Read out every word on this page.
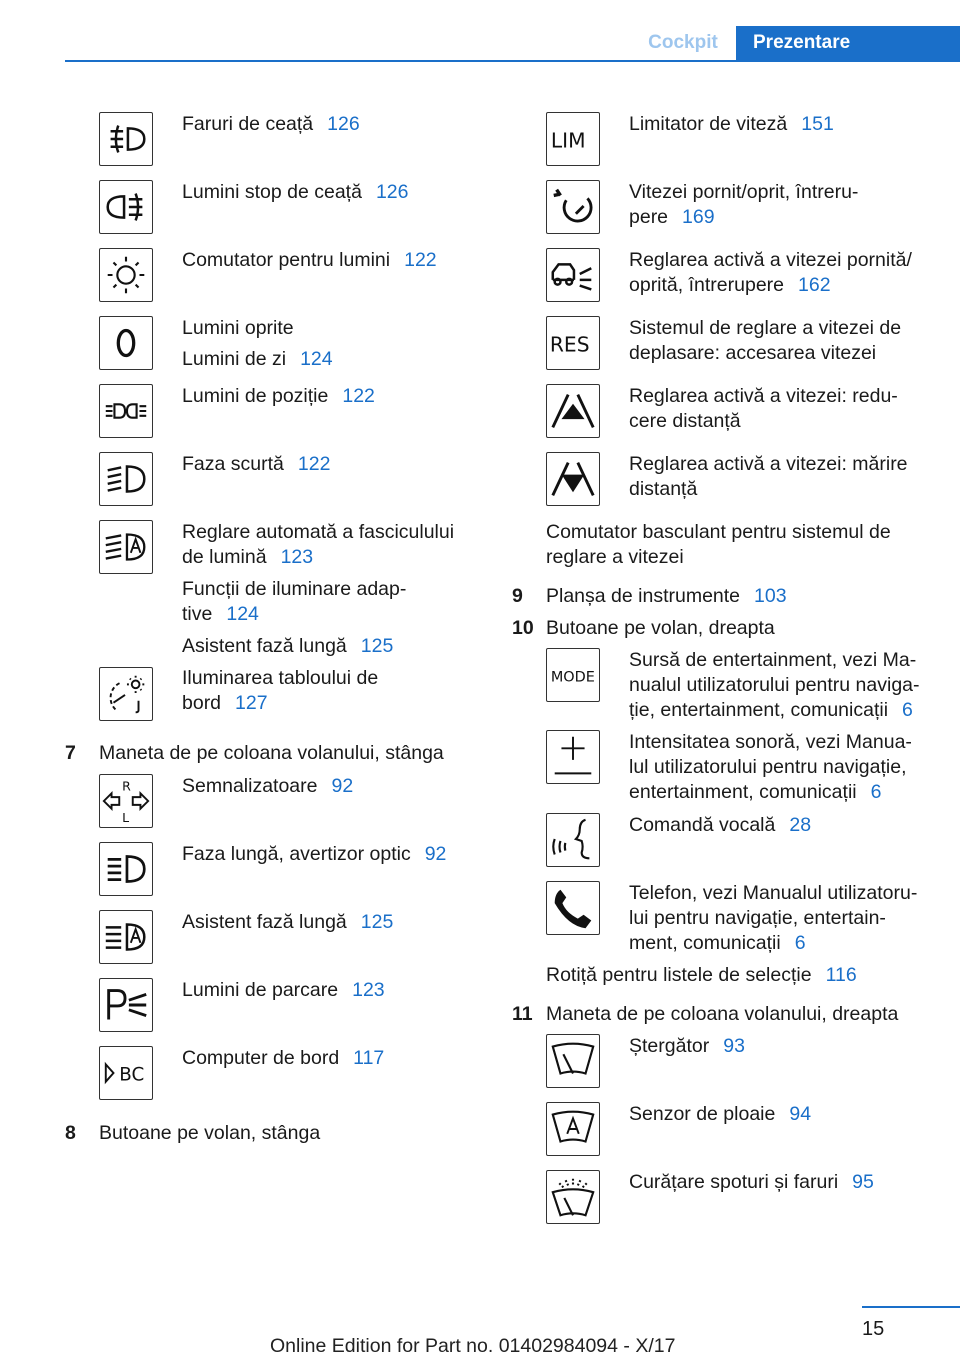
Cockpit	Prezentare
Faruri de ceață 126
Lumini stop de ceață 126
Comutator pentru lumini 122
Lumini oprite
Lumini de zi 124
Lumini de poziție 122
Faza scurtă 122
Reglare automată a fasciculului
de lumină 123
Funcții de iluminare adap-
tive 124
Asistent fază lungă 125
Iluminarea tabloului de
bord 127
7 Maneta de pe coloana volanului, stânga
R
L
Semnalizatoare 92
Faza lungă, avertizor optic 92
Asistent fază lungă 125
Lumini de parcare 123
BC
Computer de bord 117
8 Butoane pe volan, stânga
LIM
Limitator de viteză 151
Vitezei pornit/oprit, întreru-
pere 169
Reglarea activă a vitezei pornită/
oprită, întrerupere 162
RES
Sistemul de reglare a vitezei de
deplasare: accesarea vitezei
Reglarea activă a vitezei: redu-
cere distanță
Reglarea activă a vitezei: mărire
distanță
Comutator basculant pentru sistemul de
reglare a vitezei
9 Planșa de instrumente 103
10 Butoane pe volan, dreapta
MODE
Sursă de entertainment, vezi Ma-
nualul utilizatorului pentru naviga-
ție, entertainment, comunicații 6
Intensitatea sonoră, vezi Manua-
lul utilizatorului pentru navigație,
entertainment, comunicații 6
Comandă vocală 28
Telefon, vezi Manualul utilizatoru-
lui pentru navigație, entertain-
ment, comunicații 6
Rotiță pentru listele de selecție 116
11 Maneta de pe coloana volanului, dreapta
Ștergător 93
Senzor de ploaie 94
Curățare spoturi și faruri 95
15
Online Edition for Part no. 01402984094 - X/17
